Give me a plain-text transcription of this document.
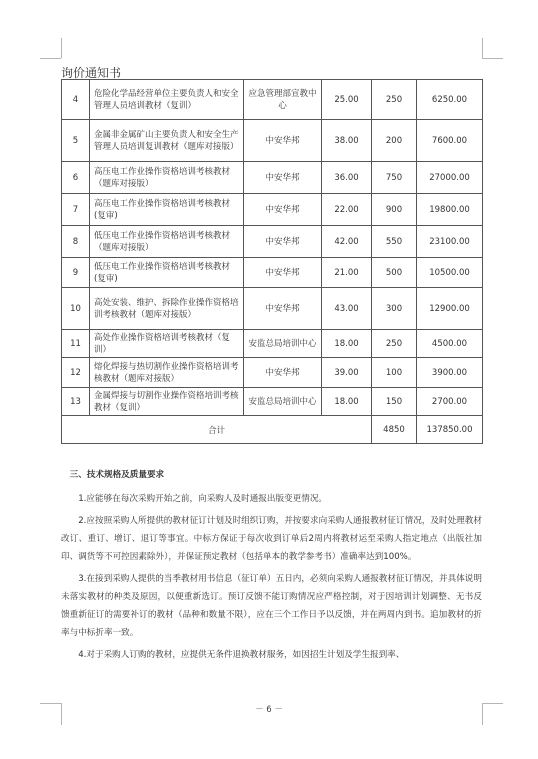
询价通知书
4	危险化学品经营单位主要负责人和安全管理人员培训教材（复训）	应急管理部宣教中心	25.00	250	6250.00
5	金属非金属矿山主要负责人和安全生产管理人员培训复训教材（题库对接版）	中安华邦	38.00	200	7600.00
6	高压电工作业操作资格培训考核教材（题库对接版）	中安华邦	36.00	750	27000.00
7	高压电工作业操作资格培训考核教材(复审)	中安华邦	22.00	900	19800.00
8	低压电工作业操作资格培训考核教材（题库对接版）	中安华邦	42.00	550	23100.00
9	低压电工作业操作资格培训考核教材(复审)	中安华邦	21.00	500	10500.00
10	高处安装、维护、拆除作业操作资格培训考核教材（题库对接版）	中安华邦	43.00	300	12900.00
11	高处作业操作资格培训考核教材（复训）	安监总局培训中心	18.00	250	4500.00
12	熔化焊接与热切割作业操作资格培训考核教材（题库对接版）	中安华邦	39.00	100	3900.00
13	金属焊接与切割作业操作资格培训考核教材（复训）	安监总局培训中心	18.00	150	2700.00
合计				4850	137850.00

三、技术规格及质量要求

1.应能够在每次采购开始之前，向采购人及时通报出版变更情况。

2.应按照采购人所提供的教材征订计划及时组织订购，并按要求向采购人通报教材征订情况，及时处理教材改订、重订、增订、退订等事宜。中标方保证于每次收到订单后2周内将教材运至采购人指定地点（出版社加印、调货等不可控因素除外），并保证预定教材（包括单本的教学参考书）准确率达到100%。

3.在接到采购人提供的当季教材用书信息（征订单）五日内，必须向采购人通报教材征订情况，并具体说明未落实教材的种类及原因，以便重新选订。预订反馈不能订购情况应严格控制，对于因培训计划调整、无书反馈重新征订的需要补订的教材（品种和数量不限），应在三个工作日予以反馈，并在两周内到书。追加教材的折率与中标折率一致。

4.对于采购人订购的教材，应提供无条件退换教材服务，如因招生计划及学生报到率、

－ 6 －
